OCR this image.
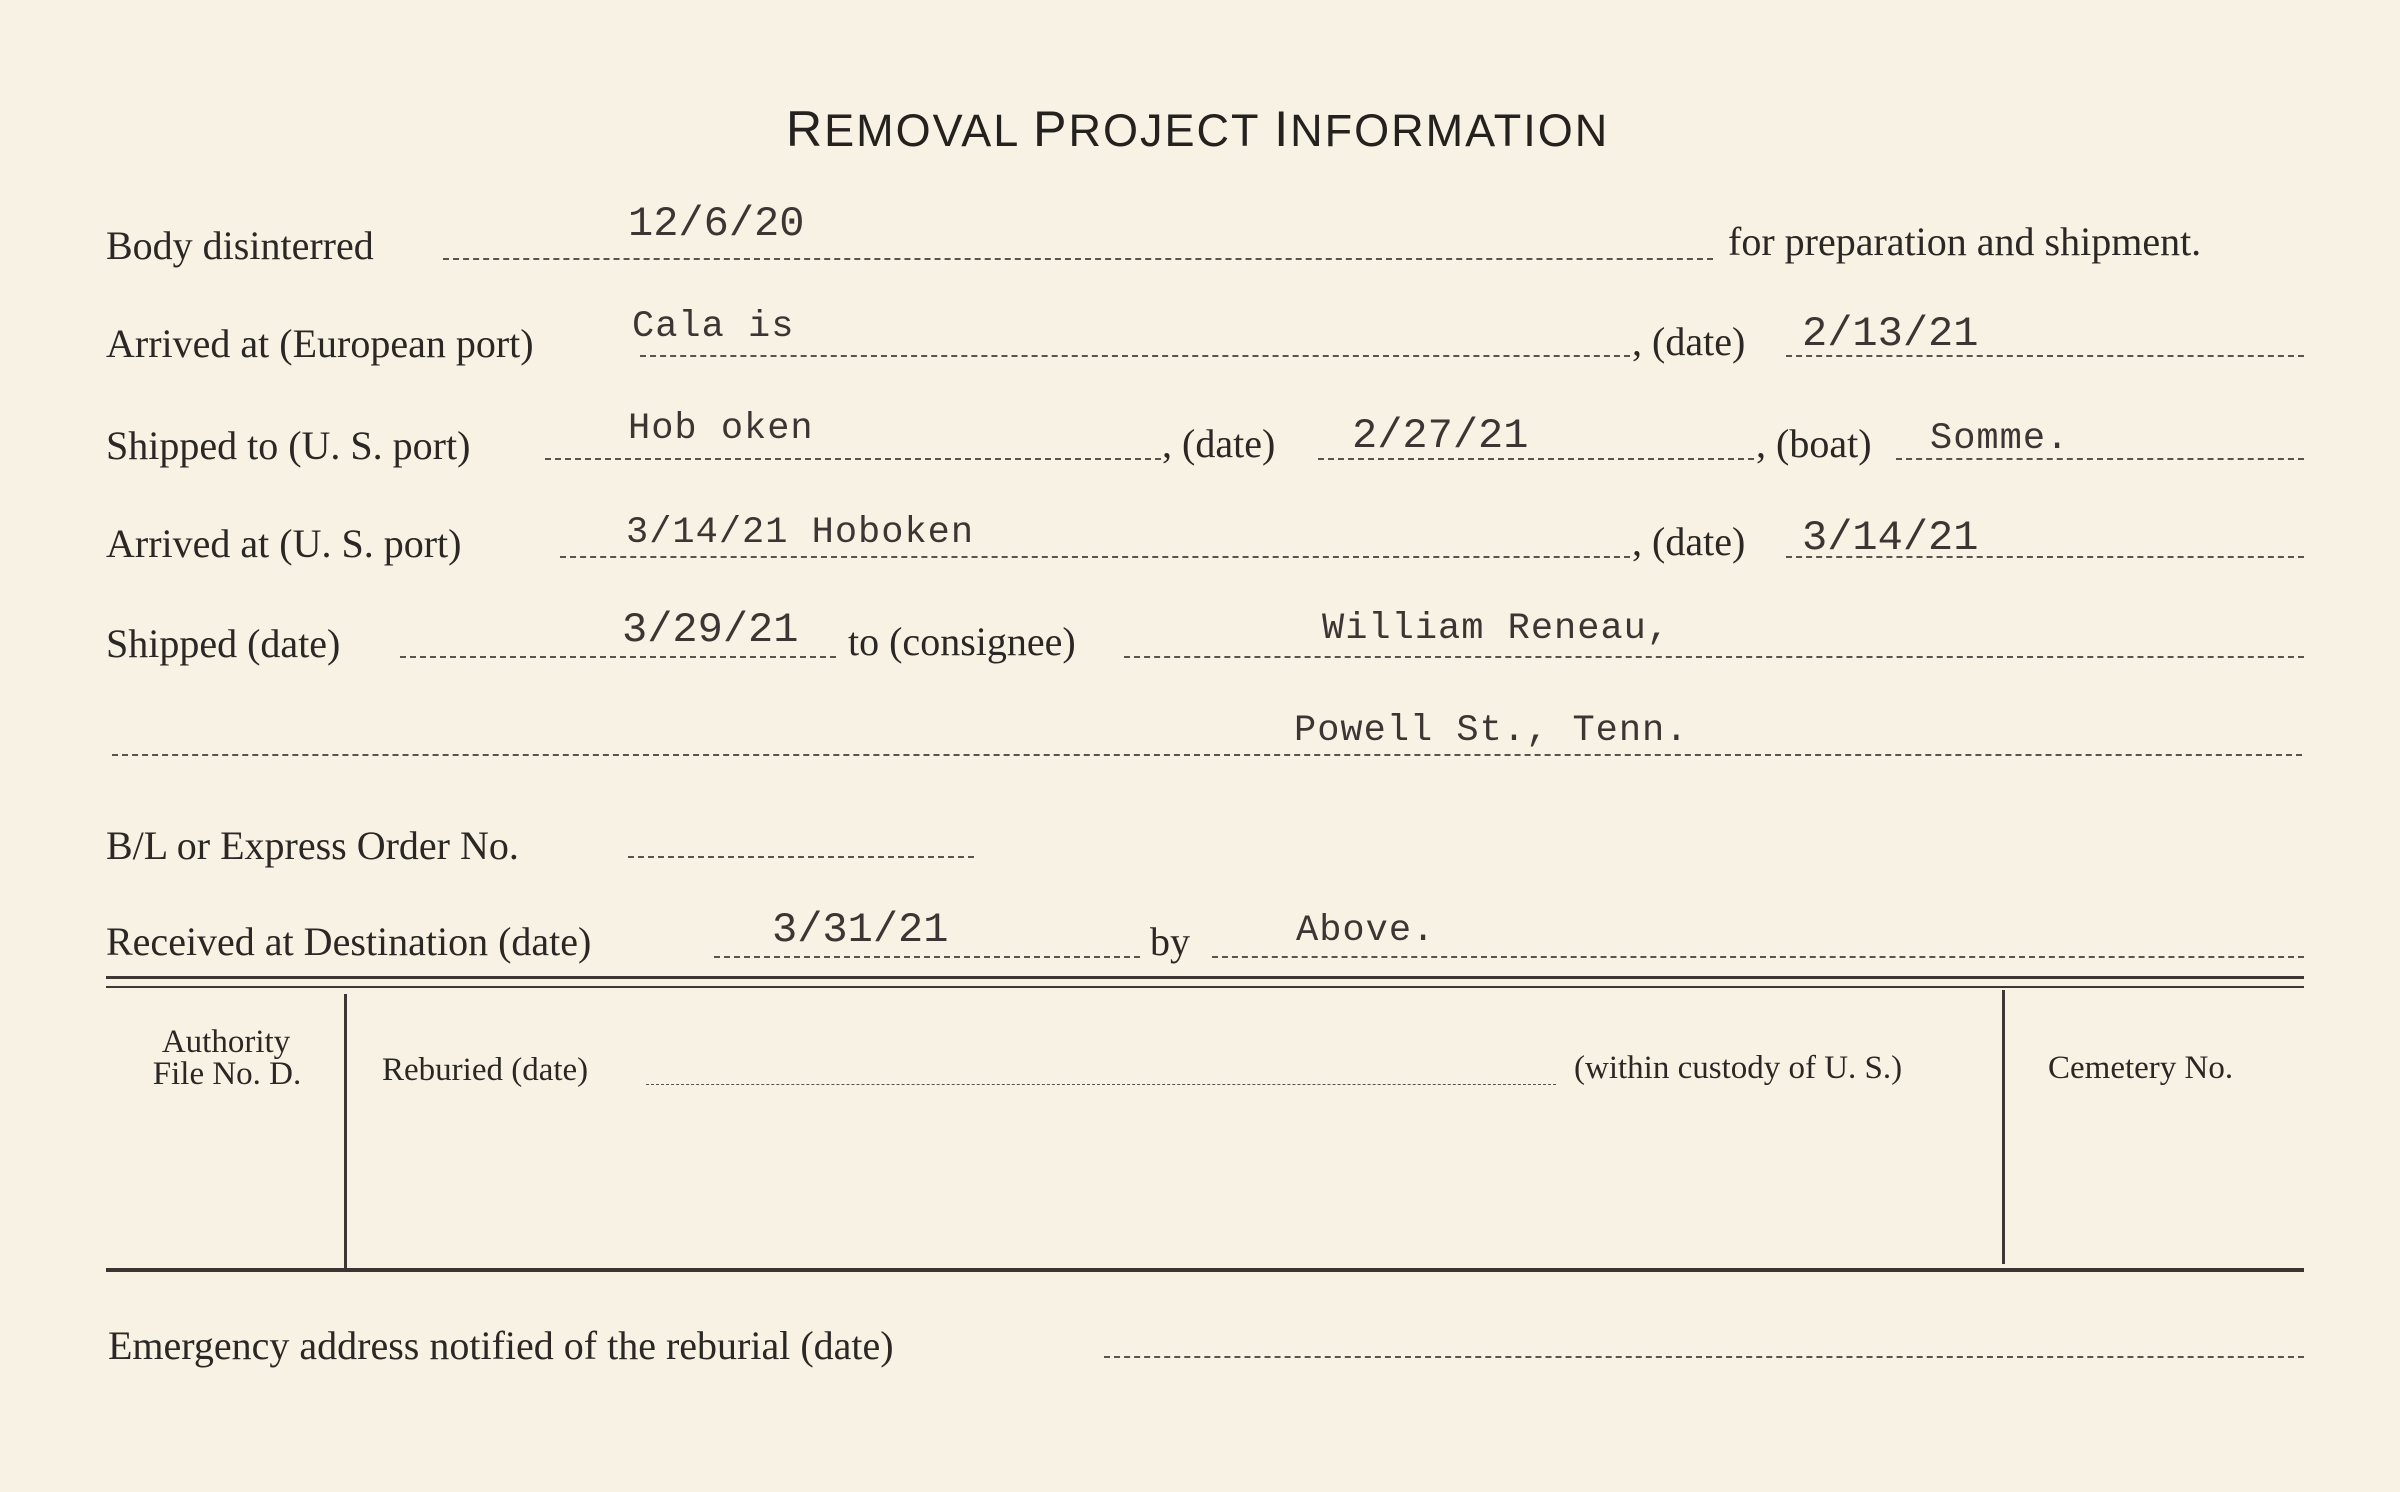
REMOVAL PROJECT INFORMATION
Body disinterred	12/6/20	for preparation and shipment.
Arrived at (European port)	Cala is	, (date) 2/13/21
Shipped to (U. S. port)	Hob oken	, (date) 2/27/21	, (boat) Somme.
Arrived at (U. S. port)	3/14/21 Hoboken	, (date) 3/14/21
Shipped (date)	3/29/21 to (consignee)	William Reneau,
Powell St., Tenn.
B/L or Express Order No.
Received at Destination (date)	3/31/21	by	Above.
Authority
File No. D.	Reburied (date)	(within custody of U. S.)	Cemetery No.
Emergency address notified of the reburial (date)
